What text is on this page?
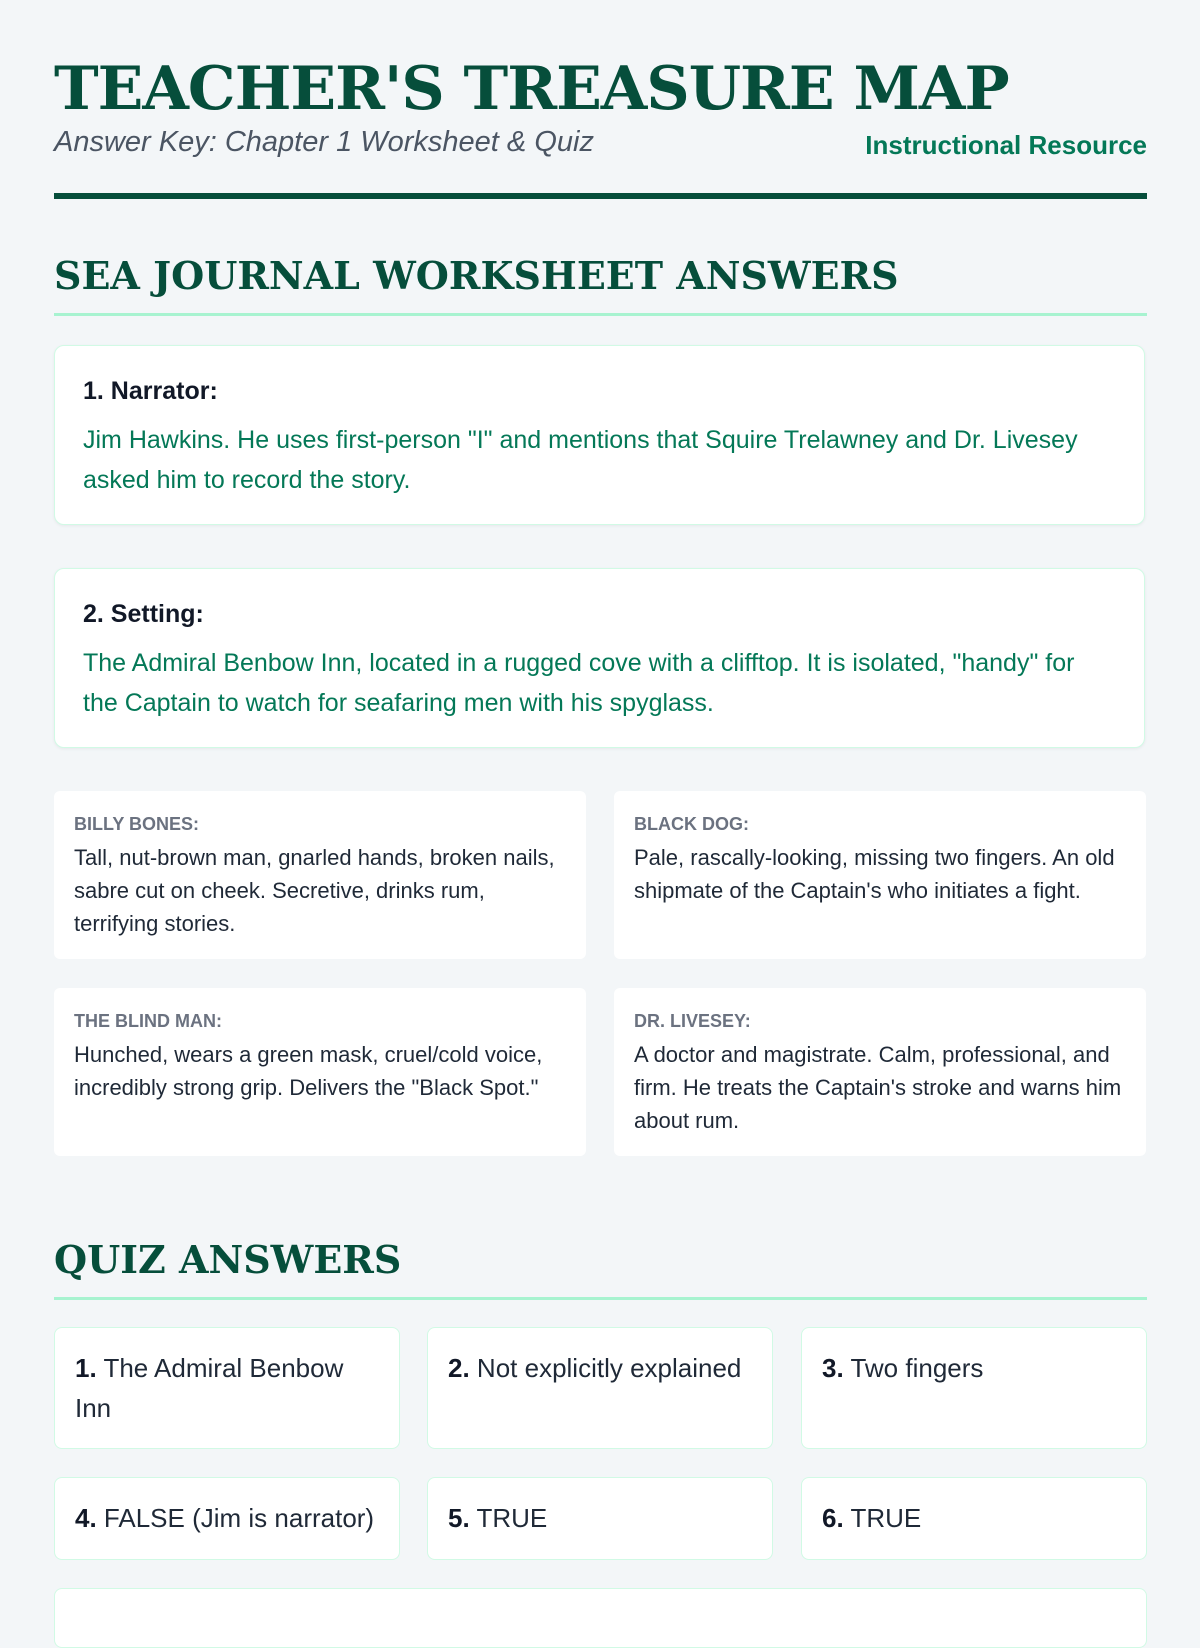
TEACHER'S TREASURE MAP
Answer Key: Chapter 1 Worksheet & Quiz	Instructional Resource
SEA JOURNAL WORKSHEET ANSWERS
1. Narrator:
Jim Hawkins. He uses first-person "I" and mentions that Squire Trelawney and Dr. Livesey asked him to record the story.
2. Setting:
The Admiral Benbow Inn, located in a rugged cove with a clifftop. It is isolated, "handy" for the Captain to watch for seafaring men with his spyglass.
BILLY BONES:
Tall, nut-brown man, gnarled hands, broken nails, sabre cut on cheek. Secretive, drinks rum, terrifying stories.
BLACK DOG:
Pale, rascally-looking, missing two fingers. An old shipmate of the Captain's who initiates a fight.
THE BLIND MAN:
Hunched, wears a green mask, cruel/cold voice, incredibly strong grip. Delivers the "Black Spot."
DR. LIVESEY:
A doctor and magistrate. Calm, professional, and firm. He treats the Captain's stroke and warns him about rum.
QUIZ ANSWERS
1. The Admiral Benbow Inn
2. Not explicitly explained	3. Two fingers
4. FALSE (Jim is narrator)	5. TRUE	6. TRUE
